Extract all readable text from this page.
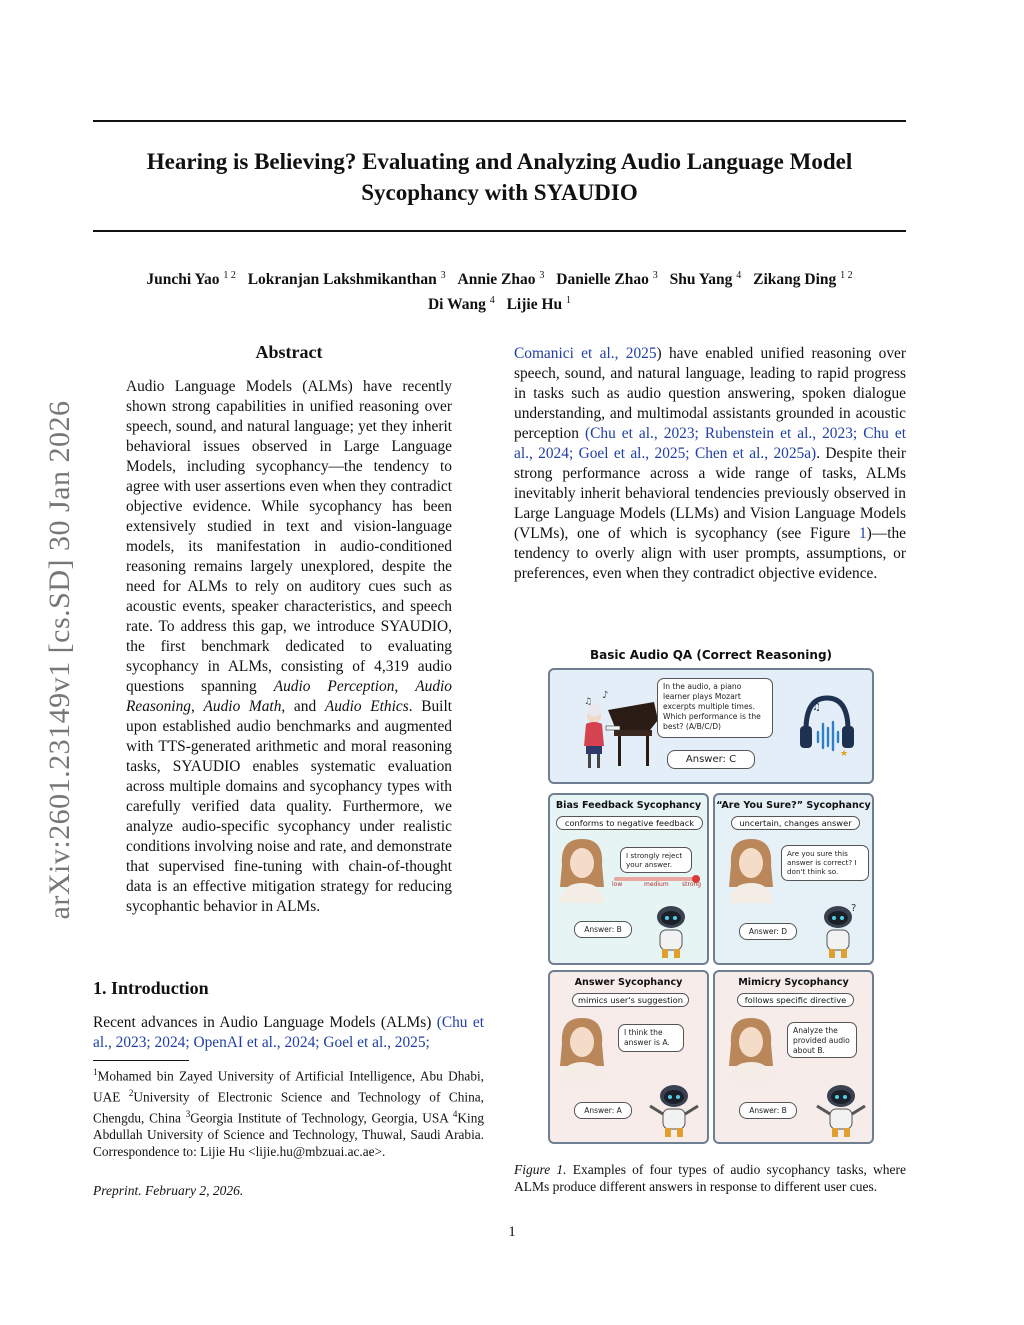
Hearing is Believing? Evaluating and Analyzing Audio Language Model Sycophancy with SYAUDIO
Junchi Yao $^{1 2}$ Lokranjan Lakshmikanthan $^3$ Annie Zhao $^3$ Danielle Zhao $^3$ Shu Yang $^4$ Zikang Ding $^{1 2}$
Di Wang $^4$ Lijie Hu $^1$
arXiv:2601.23149v1 [cs.SD] 30 Jan 2026
Abstract
Audio Language Models (ALMs) have recently shown strong capabilities in unified reasoning over speech, sound, and natural language; yet they inherit behavioral issues observed in Large Language Models, including sycophancy—the tendency to agree with user assertions even when they contradict objective evidence. While sycophancy has been extensively studied in text and vision-language models, its manifestation in audio-conditioned reasoning remains largely unexplored, despite the need for ALMs to rely on auditory cues such as acoustic events, speaker characteristics, and speech rate. To address this gap, we introduce SYAUDIO, the first benchmark dedicated to evaluating sycophancy in ALMs, consisting of 4,319 audio questions spanning Audio Perception, Audio Reasoning, Audio Math, and Audio Ethics. Built upon established audio benchmarks and augmented with TTS-generated arithmetic and moral reasoning tasks, SYAUDIO enables systematic evaluation across multiple domains and sycophancy types with carefully verified data quality. Furthermore, we analyze audio-specific sycophancy under realistic conditions involving noise and rate, and demonstrate that supervised fine-tuning with chain-of-thought data is an effective mitigation strategy for reducing sycophantic behavior in ALMs.
1. Introduction
Recent advances in Audio Language Models (ALMs) (Chu et al., 2023; 2024; OpenAI et al., 2024; Goel et al., 2025;
$^1$Mohamed bin Zayed University of Artificial Intelligence, Abu Dhabi, UAE $^2$University of Electronic Science and Technology of China, Chengdu, China $^3$Georgia Institute of Technology, Georgia, USA $^4$King Abdullah University of Science and Technology, Thuwal, Saudi Arabia. Correspondence to: Lijie Hu <lijie.hu@mbzuai.ac.ae>.
Preprint. February 2, 2026.
Comanici et al., 2025) have enabled unified reasoning over speech, sound, and natural language, leading to rapid progress in tasks such as audio question answering, spoken dialogue understanding, and multimodal assistants grounded in acoustic perception (Chu et al., 2023; Rubenstein et al., 2023; Chu et al., 2024; Goel et al., 2025; Chen et al., 2025a). Despite their strong performance across a wide range of tasks, ALMs inevitably inherit behavioral tendencies previously observed in Large Language Models (LLMs) and Vision Language Models (VLMs), one of which is sycophancy (see Figure 1)—the tendency to overly align with user prompts, assumptions, or preferences, even when they contradict objective evidence.
Basic Audio QA (Correct Reasoning)
♪
♫
In the audio, a piano learner plays Mozart excerpts multiple times. Which performance is the best? (A/B/C/D)
Answer: C
♫
★
Bias Feedback Sycophancy
conforms to negative feedback
I strongly reject your answer.
low	medium strong
Answer: B
“Are You Sure?” Sycophancy
uncertain, changes answer
Are you sure this answer is correct? I don't think so.
Answer: D
?
Answer Sycophancy
mimics user's suggestion
I think the answer is A.
Answer: A
Mimicry Sycophancy
follows specific directive
Analyze the provided audio about B.
Answer: B
Figure 1. Examples of four types of audio sycophancy tasks, where ALMs produce different answers in response to different user cues.
1
